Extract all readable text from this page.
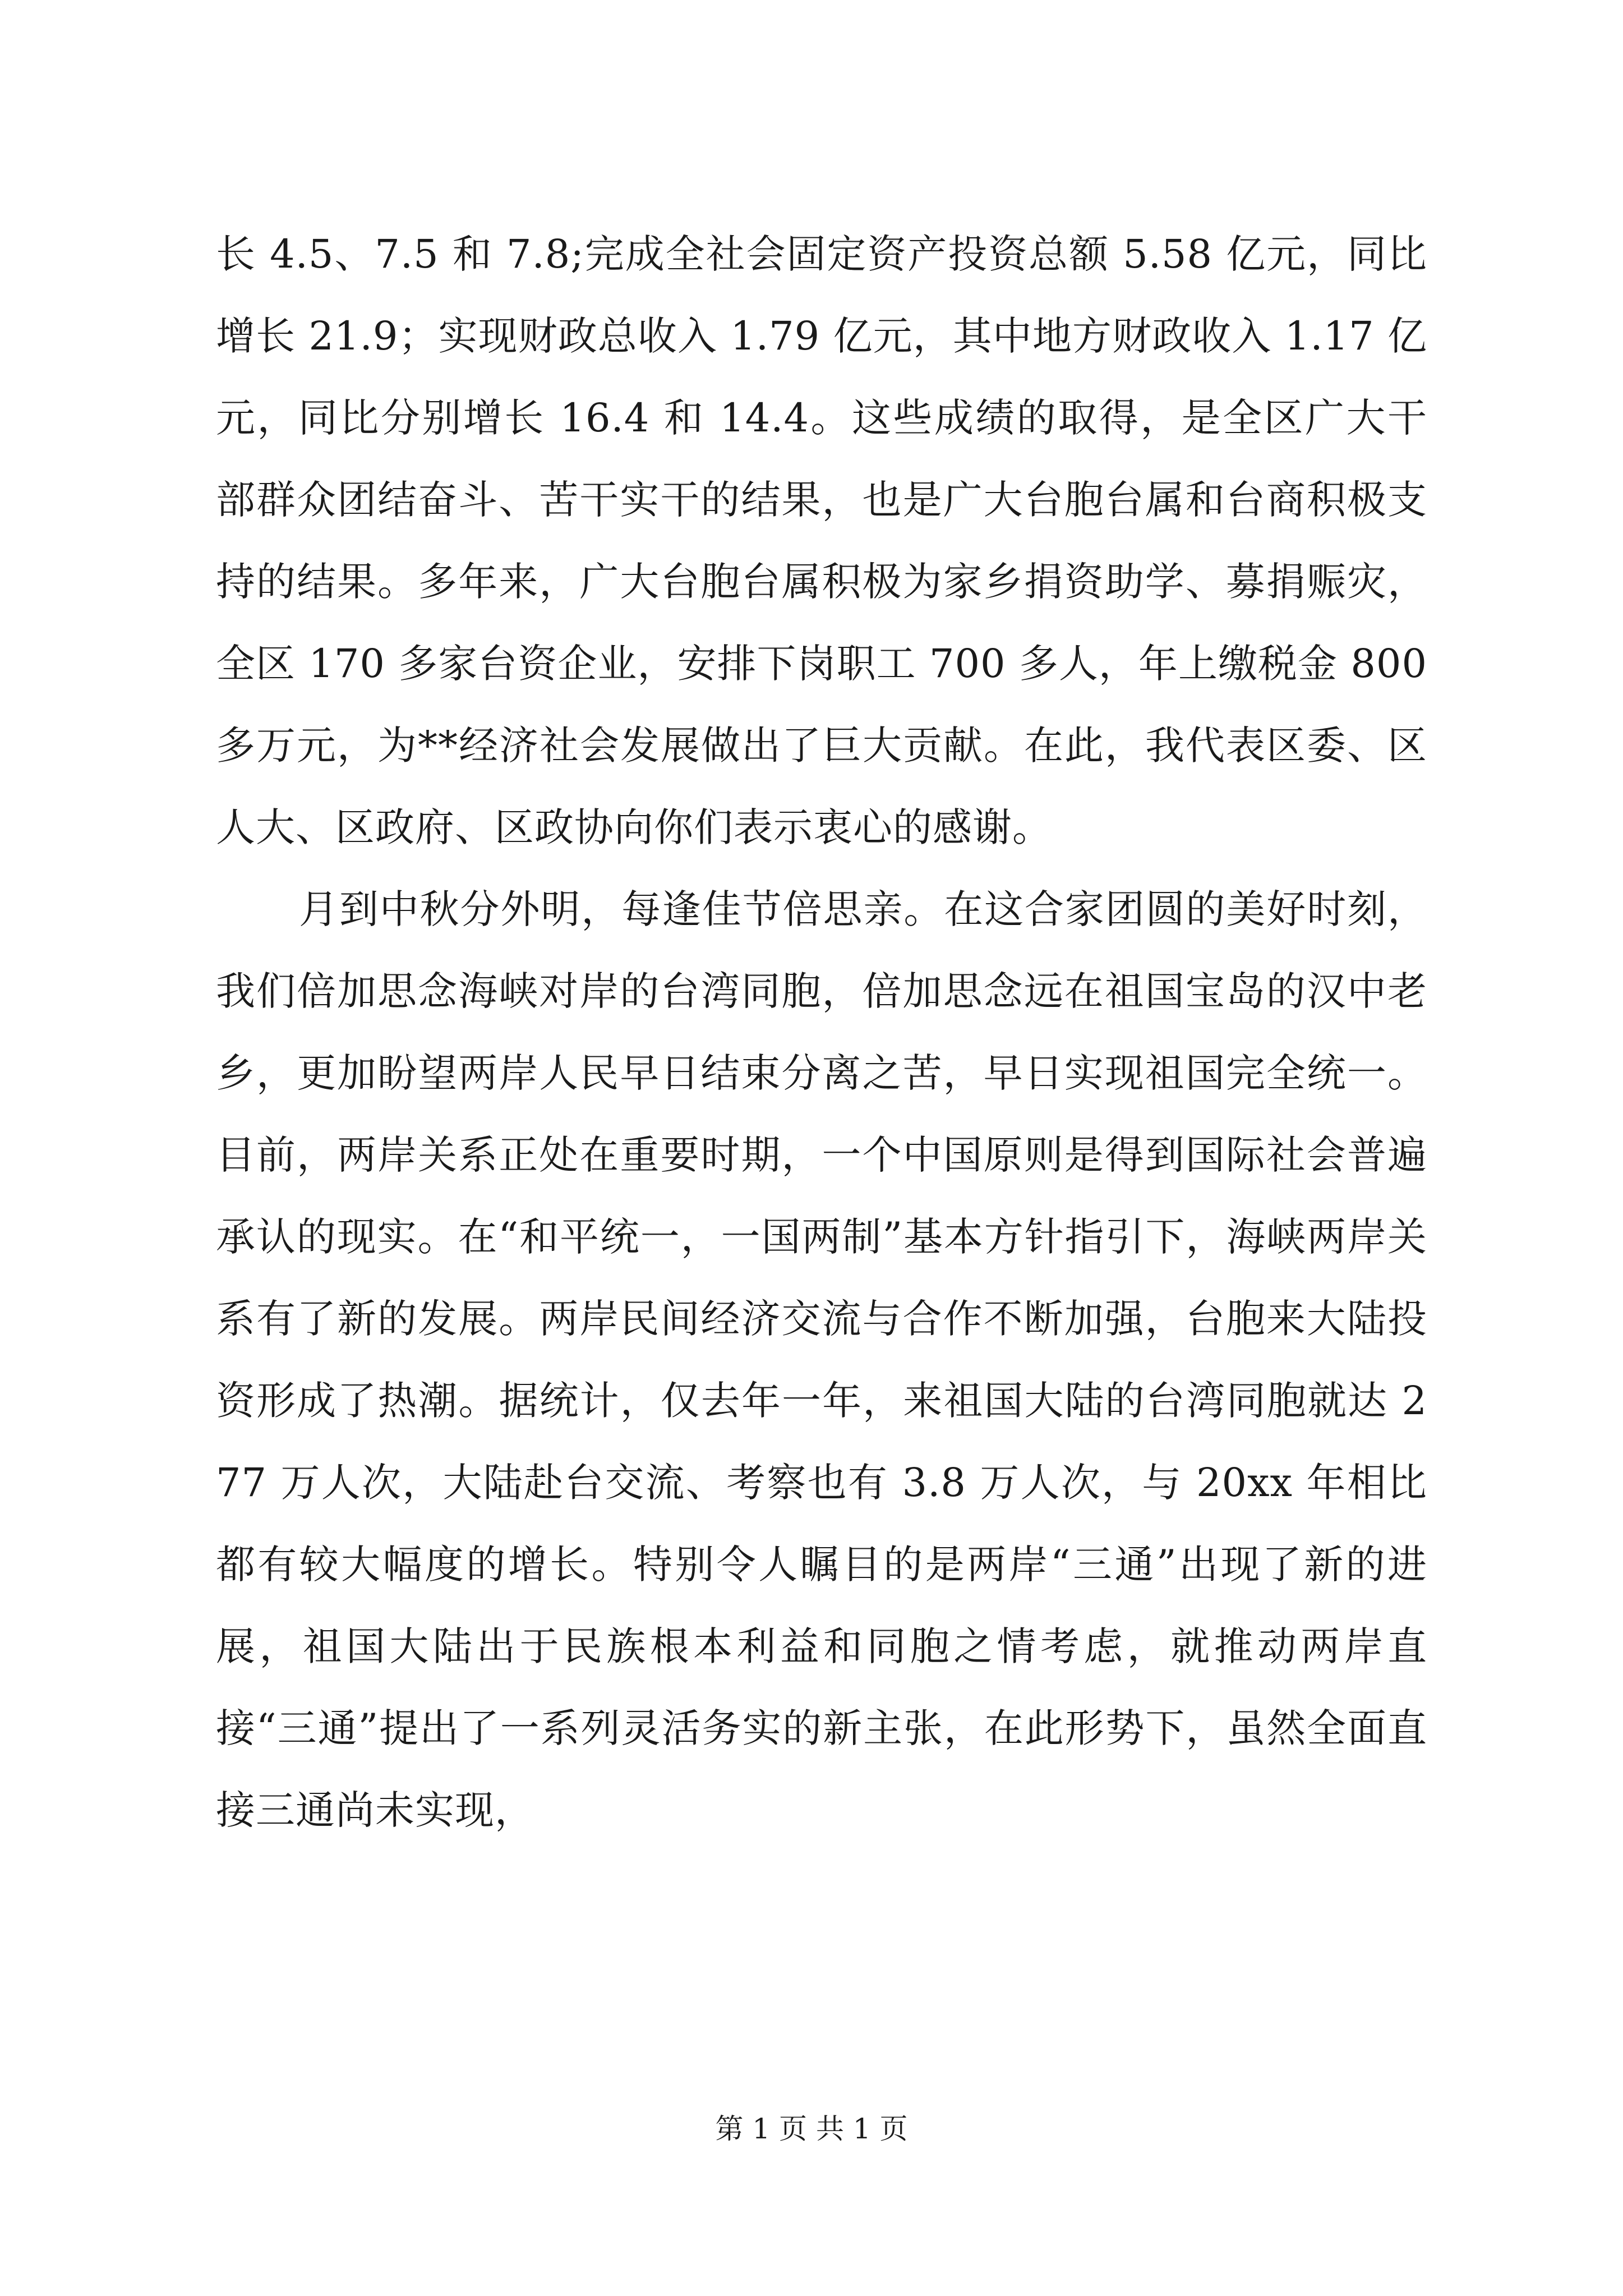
长 4.5、7.5 和 7.8;完成全社会固定资产投资总额 5.58 亿元，同比增长 21.9；实现财政总收入 1.79 亿元，其中地方财政收入 1.17 亿元，同比分别增长 16.4 和 14.4。这些成绩的取得，是全区广大干部群众团结奋斗、苦干实干的结果，也是广大台胞台属和台商积极支持的结果。多年来，广大台胞台属积极为家乡捐资助学、募捐赈灾，全区 170 多家台资企业，安排下岗职工 700 多人，年上缴税金 800 多万元，为**经济社会发展做出了巨大贡献。在此，我代表区委、区人大、区政府、区政协向你们表示衷心的感谢。

月到中秋分外明，每逢佳节倍思亲。在这合家团圆的美好时刻，我们倍加思念海峡对岸的台湾同胞，倍加思念远在祖国宝岛的汉中老乡，更加盼望两岸人民早日结束分离之苦，早日实现祖国完全统一。目前，两岸关系正处在重要时期，一个中国原则是得到国际社会普遍承认的现实。在“和平统一，一国两制”基本方针指引下，海峡两岸关系有了新的发展。两岸民间经济交流与合作不断加强，台胞来大陆投资形成了热潮。据统计，仅去年一年，来祖国大陆的台湾同胞就达 277 万人次，大陆赴台交流、考察也有 3.8 万人次，与 20xx 年相比都有较大幅度的增长。特别令人瞩目的是两岸“三通”出现了新的进展，祖国大陆出于民族根本利益和同胞之情考虑，就推动两岸直接“三通”提出了一系列灵活务实的新主张，在此形势下，虽然全面直接三通尚未实现，

第 1 页 共 1 页
